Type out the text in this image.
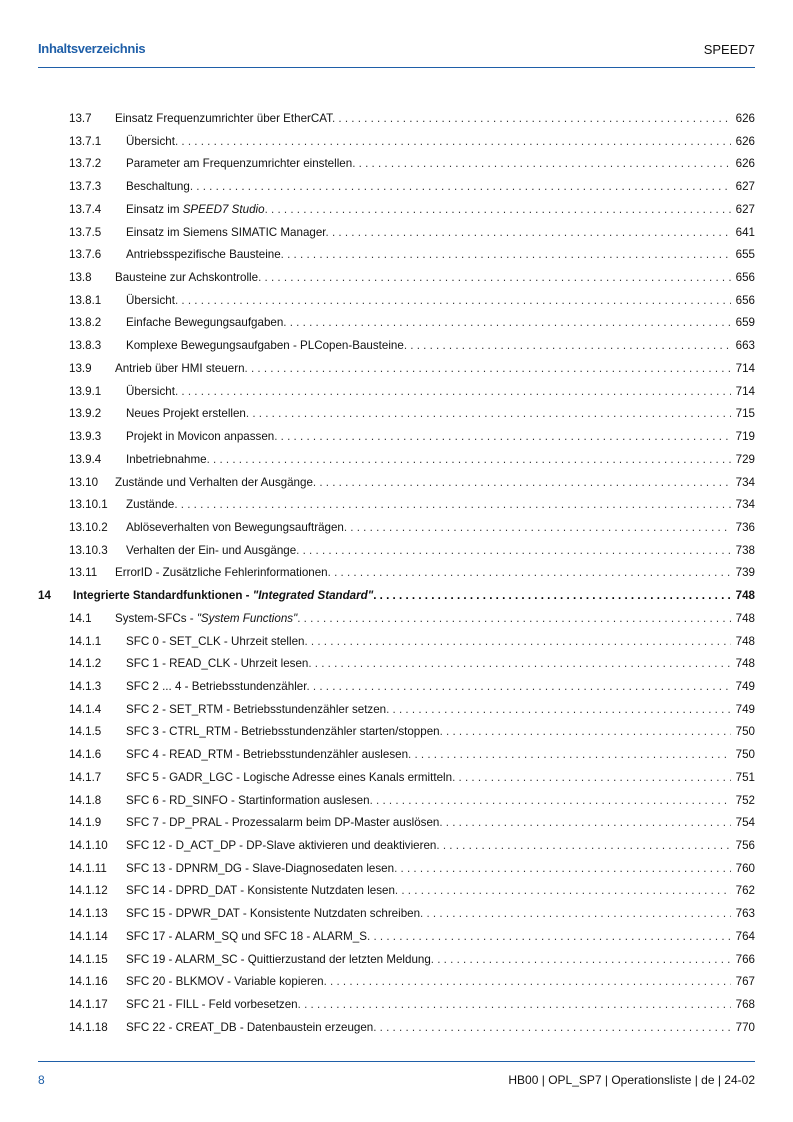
Inhaltsverzeichnis	SPEED7
13.7 Einsatz Frequenzumrichter über EtherCAT . . .	626
13.7.1 Übersicht . . .	626
13.7.2 Parameter am Frequenzumrichter einstellen . . .	626
13.7.3 Beschaltung . . .	627
13.7.4 Einsatz im SPEED7 Studio . . .	627
13.7.5 Einsatz im Siemens SIMATIC Manager . . .	641
13.7.6 Antriebsspezifische Bausteine . . .	655
13.8 Bausteine zur Achskontrolle . . .	656
13.8.1 Übersicht . . .	656
13.8.2 Einfache Bewegungsaufgaben . . .	659
13.8.3 Komplexe Bewegungsaufgaben - PLCopen-Bausteine . . .	663
13.9 Antrieb über HMI steuern . . .	714
13.9.1 Übersicht . . .	714
13.9.2 Neues Projekt erstellen . . .	715
13.9.3 Projekt in Movicon anpassen . . .	719
13.9.4 Inbetriebnahme . . .	729
13.10 Zustände und Verhalten der Ausgänge . . .	734
13.10.1 Zustände . . .	734
13.10.2 Ablöseverhalten von Bewegungsaufträgen . . .	736
13.10.3 Verhalten der Ein- und Ausgänge . . .	738
13.11 ErrorID - Zusätzliche Fehlerinformationen . . .	739
14 Integrierte Standardfunktionen - "Integrated Standard" . . .	748
14.1 System-SFCs - "System Functions" . . .	748
14.1.1 SFC 0 - SET_CLK - Uhrzeit stellen . . .	748
14.1.2 SFC 1 - READ_CLK - Uhrzeit lesen . . .	748
14.1.3 SFC 2 ... 4 - Betriebsstundenzähler . . .	749
14.1.4 SFC 2 - SET_RTM - Betriebsstundenzähler setzen . . .	749
14.1.5 SFC 3 - CTRL_RTM - Betriebsstundenzähler starten/stoppen . . .	750
14.1.6 SFC 4 - READ_RTM - Betriebsstundenzähler auslesen . . .	750
14.1.7 SFC 5 - GADR_LGC - Logische Adresse eines Kanals ermitteln . . .	751
14.1.8 SFC 6 - RD_SINFO - Startinformation auslesen . . .	752
14.1.9 SFC 7 - DP_PRAL - Prozessalarm beim DP-Master auslösen . . .	754
14.1.10 SFC 12 - D_ACT_DP - DP-Slave aktivieren und deaktivieren . . .	756
14.1.11 SFC 13 - DPNRM_DG - Slave-Diagnosedaten lesen . . .	760
14.1.12 SFC 14 - DPRD_DAT - Konsistente Nutzdaten lesen . . .	762
14.1.13 SFC 15 - DPWR_DAT - Konsistente Nutzdaten schreiben . . .	763
14.1.14 SFC 17 - ALARM_SQ und SFC 18 - ALARM_S . . .	764
14.1.15 SFC 19 - ALARM_SC - Quittierzustand der letzten Meldung . . .	766
14.1.16 SFC 20 - BLKMOV - Variable kopieren . . .	767
14.1.17 SFC 21 - FILL - Feld vorbesetzen . . .	768
14.1.18 SFC 22 - CREAT_DB - Datenbaustein erzeugen . . .	770
8	HB00 | OPL_SP7 | Operationsliste | de | 24-02
